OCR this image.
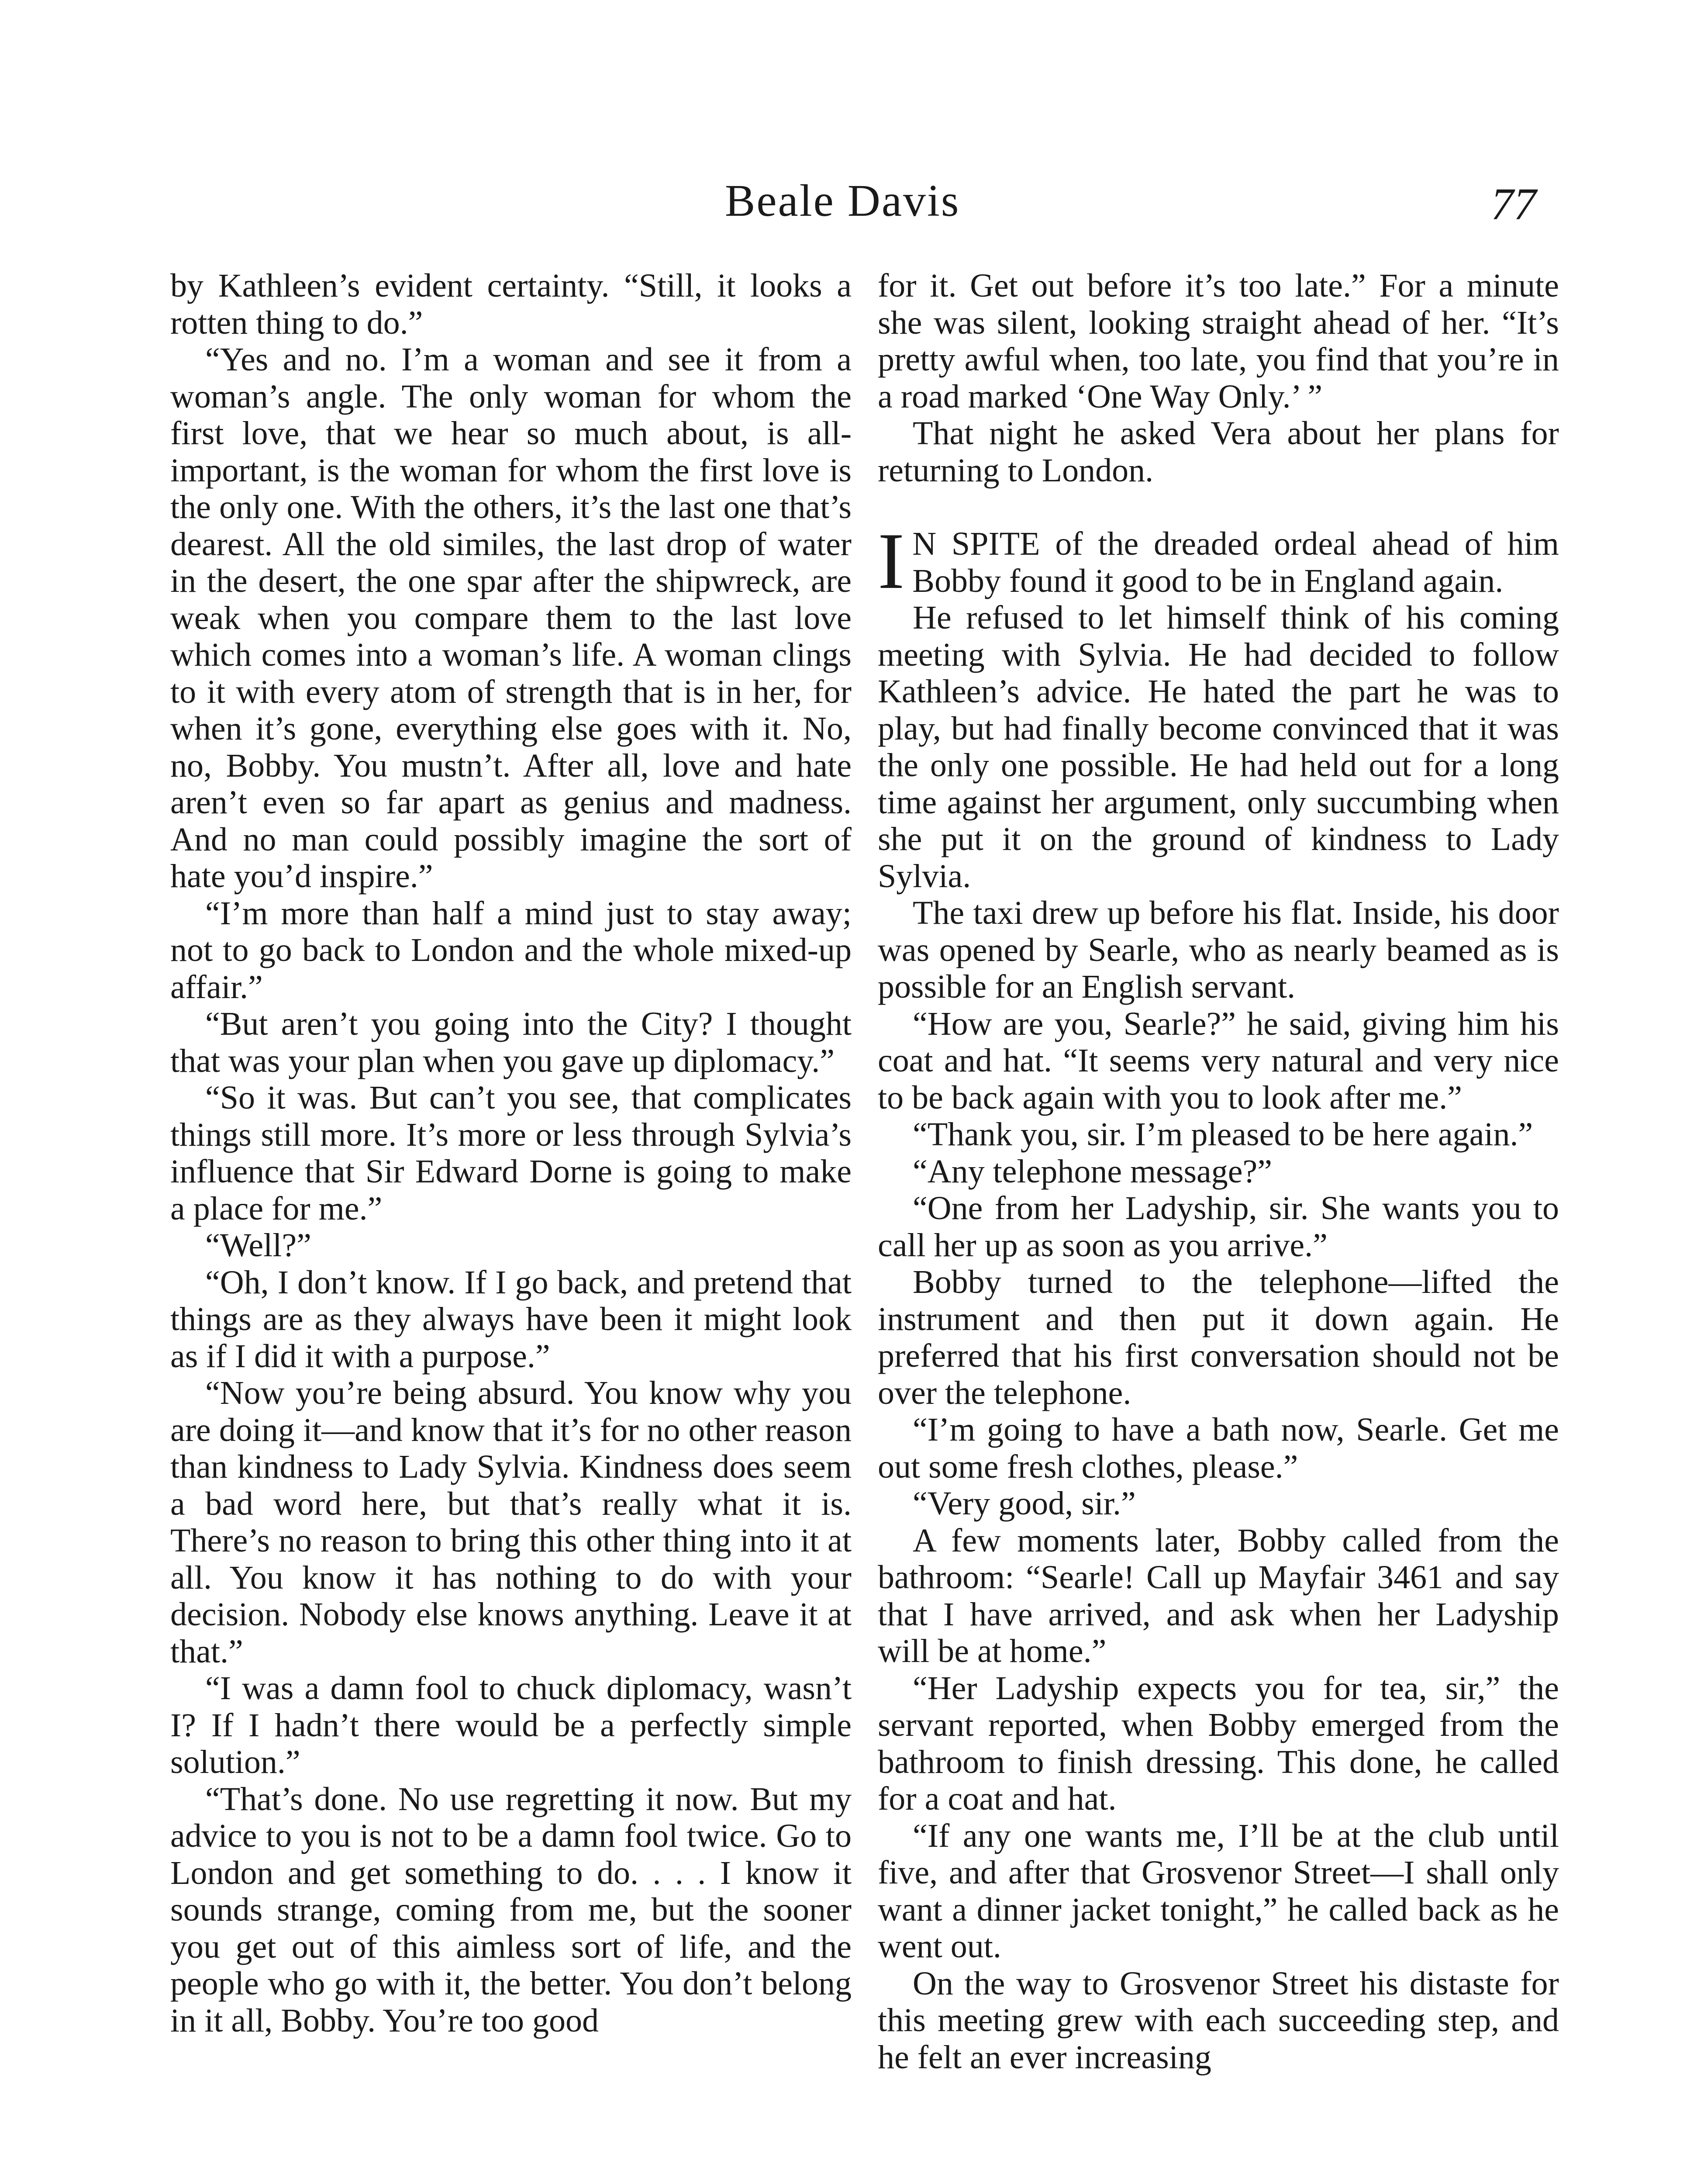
Beale Davis	77

by Kathleen’s evident certainty. “Still, it looks a rotten thing to do.”

“Yes and no. I’m a woman and see it from a woman’s angle. The only woman for whom the first love, that we hear so much about, is all-important, is the woman for whom the first love is the only one. With the others, it’s the last one that’s dearest. All the old similes, the last drop of water in the desert, the one spar after the shipwreck, are weak when you compare them to the last love which comes into a woman’s life. A woman clings to it with every atom of strength that is in her, for when it’s gone, everything else goes with it. No, no, Bobby. You mustn’t. After all, love and hate aren’t even so far apart as genius and madness. And no man could possibly imagine the sort of hate you’d inspire.”

“I’m more than half a mind just to stay away; not to go back to London and the whole mixed-up affair.”

“But aren’t you going into the City? I thought that was your plan when you gave up diplomacy.”

“So it was. But can’t you see, that complicates things still more. It’s more or less through Sylvia’s influence that Sir Edward Dorne is going to make a place for me.”

“Well?”

“Oh, I don’t know. If I go back, and pretend that things are as they always have been it might look as if I did it with a purpose.”

“Now you’re being absurd. You know why you are doing it—and know that it’s for no other reason than kindness to Lady Sylvia. Kindness does seem a bad word here, but that’s really what it is. There’s no reason to bring this other thing into it at all. You know it has nothing to do with your decision. Nobody else knows anything. Leave it at that.”

“I was a damn fool to chuck diplomacy, wasn’t I? If I hadn’t there would be a perfectly simple solution.”

“That’s done. No use regretting it now. But my advice to you is not to be a damn fool twice. Go to London and get something to do. . . . I know it sounds strange, coming from me, but the sooner you get out of this aimless sort of life, and the people who go with it, the better. You don’t belong in it all, Bobby. You’re too good

for it. Get out before it’s too late.” For a minute she was silent, looking straight ahead of her. “It’s pretty awful when, too late, you find that you’re in a road marked ‘One Way Only.’ ”

That night he asked Vera about her plans for returning to London.

I N SPITE of the dreaded ordeal ahead of him Bobby found it good to be in England again.

He refused to let himself think of his coming meeting with Sylvia. He had decided to follow Kathleen’s advice. He hated the part he was to play, but had finally become convinced that it was the only one possible. He had held out for a long time against her argument, only succumbing when she put it on the ground of kindness to Lady Sylvia.

The taxi drew up before his flat. Inside, his door was opened by Searle, who as nearly beamed as is possible for an English servant.

“How are you, Searle?” he said, giving him his coat and hat. “It seems very natural and very nice to be back again with you to look after me.”

“Thank you, sir. I’m pleased to be here again.”

“Any telephone message?”

“One from her Ladyship, sir. She wants you to call her up as soon as you arrive.”

Bobby turned to the telephone—lifted the instrument and then put it down again. He preferred that his first conversation should not be over the telephone.

“I’m going to have a bath now, Searle. Get me out some fresh clothes, please.”

“Very good, sir.”

A few moments later, Bobby called from the bathroom: “Searle! Call up Mayfair 3461 and say that I have arrived, and ask when her Ladyship will be at home.”

“Her Ladyship expects you for tea, sir,” the servant reported, when Bobby emerged from the bathroom to finish dressing. This done, he called for a coat and hat.

“If any one wants me, I’ll be at the club until five, and after that Grosvenor Street—I shall only want a dinner jacket tonight,” he called back as he went out.

On the way to Grosvenor Street his distaste for this meeting grew with each succeeding step, and he felt an ever increasing
